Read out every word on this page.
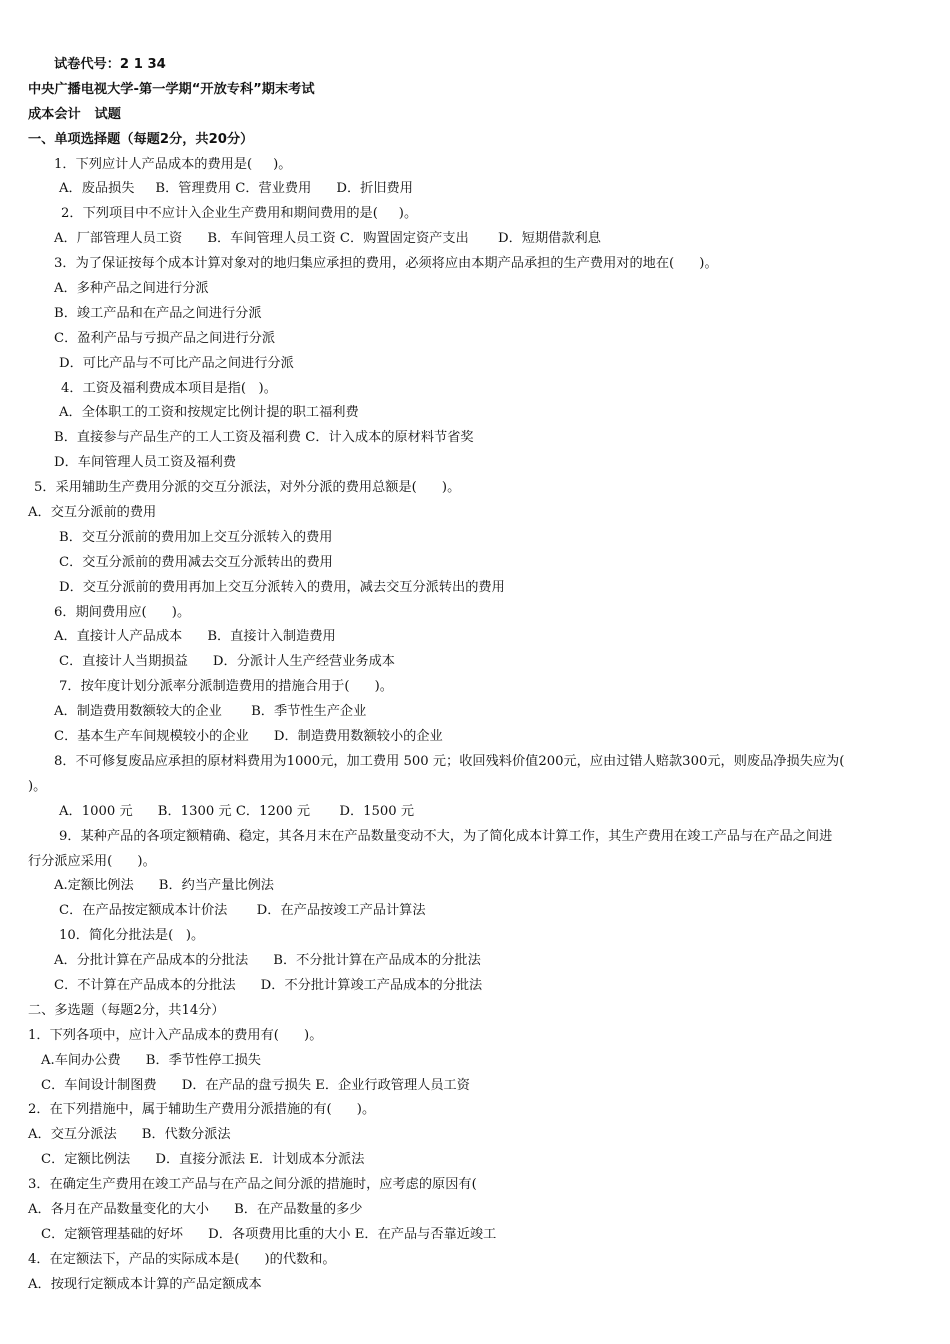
试卷代号：2 1 34
中央广播电视大学-第一学期“开放专科”期末考试
成本会计   试题
一、单项选择题（每题2分，共20分）
1．下列应计人产品成本的费用是(     )。
A．废品损失     B．管理费用 C．营业费用      D．折旧费用
2．下列项目中不应计入企业生产费用和期间费用的是(     )。
A．厂部管理人员工资      B．车间管理人员工资 C．购置固定资产支出       D．短期借款利息
3．为了保证按每个成本计算对象对的地归集应承担的费用，必须将应由本期产品承担的生产费用对的地在(      )。
A．多种产品之间进行分派
B．竣工产品和在产品之间进行分派
C．盈利产品与亏损产品之间进行分派
D．可比产品与不可比产品之间进行分派
4．工资及福利费成本项目是指(   )。
A．全体职工的工资和按规定比例计提的职工福利费
B．直接参与产品生产的工人工资及福利费 C．计入成本的原材料节省奖
D．车间管理人员工资及福利费
5．采用辅助生产费用分派的交互分派法，对外分派的费用总额是(      )。
A．交互分派前的费用
B．交互分派前的费用加上交互分派转入的费用
C．交互分派前的费用减去交互分派转出的费用
D．交互分派前的费用再加上交互分派转入的费用，减去交互分派转出的费用
6．期间费用应(      )。
A．直接计人产品成本      B．直接计入制造费用
C．直接计人当期损益      D．分派计人生产经营业务成本
7．按年度计划分派率分派制造费用的措施合用于(      )。
A．制造费用数额较大的企业       B．季节性生产企业
C．基本生产车间规模较小的企业      D．制造费用数额较小的企业
8．不可修复废品应承担的原材料费用为1000元，加工费用 500 元；收回残料价值200元，应由过错人赔款300元，则废品净损失应为(
)。
A．1000 元      B．1300 元 C．1200 元       D．1500 元
9．某种产品的各项定额精确、稳定，其各月末在产品数量变动不大，为了简化成本计算工作，其生产费用在竣工产品与在产品之间进
行分派应采用(      )。
A.定额比例法      B．约当产量比例法
C．在产品按定额成本计价法       D．在产品按竣工产品计算法
10．简化分批法是(   )。
A．分批计算在产品成本的分批法      B．不分批计算在产品成本的分批法
C．不计算在产品成本的分批法      D．不分批计算竣工产品成本的分批法
二、多选题（每题2分，共14分）
1．下列各项中，应计入产品成本的费用有(      )。
A.车间办公费      B．季节性停工损失
C．车间设计制图费      D．在产品的盘亏损失 E．企业行政管理人员工资
2．在下列措施中，属于辅助生产费用分派措施的有(      )。
A．交互分派法      B．代数分派法
C．定额比例法      D．直接分派法 E．计划成本分派法
3．在确定生产费用在竣工产品与在产品之间分派的措施时，应考虑的原因有(
A．各月在产品数量变化的大小      B．在产品数量的多少
C．定额管理基础的好坏      D．各项费用比重的大小 E．在产品与否靠近竣工
4．在定额法下，产品的实际成本是(      )的代数和。
A．按现行定额成本计算的产品定额成本
